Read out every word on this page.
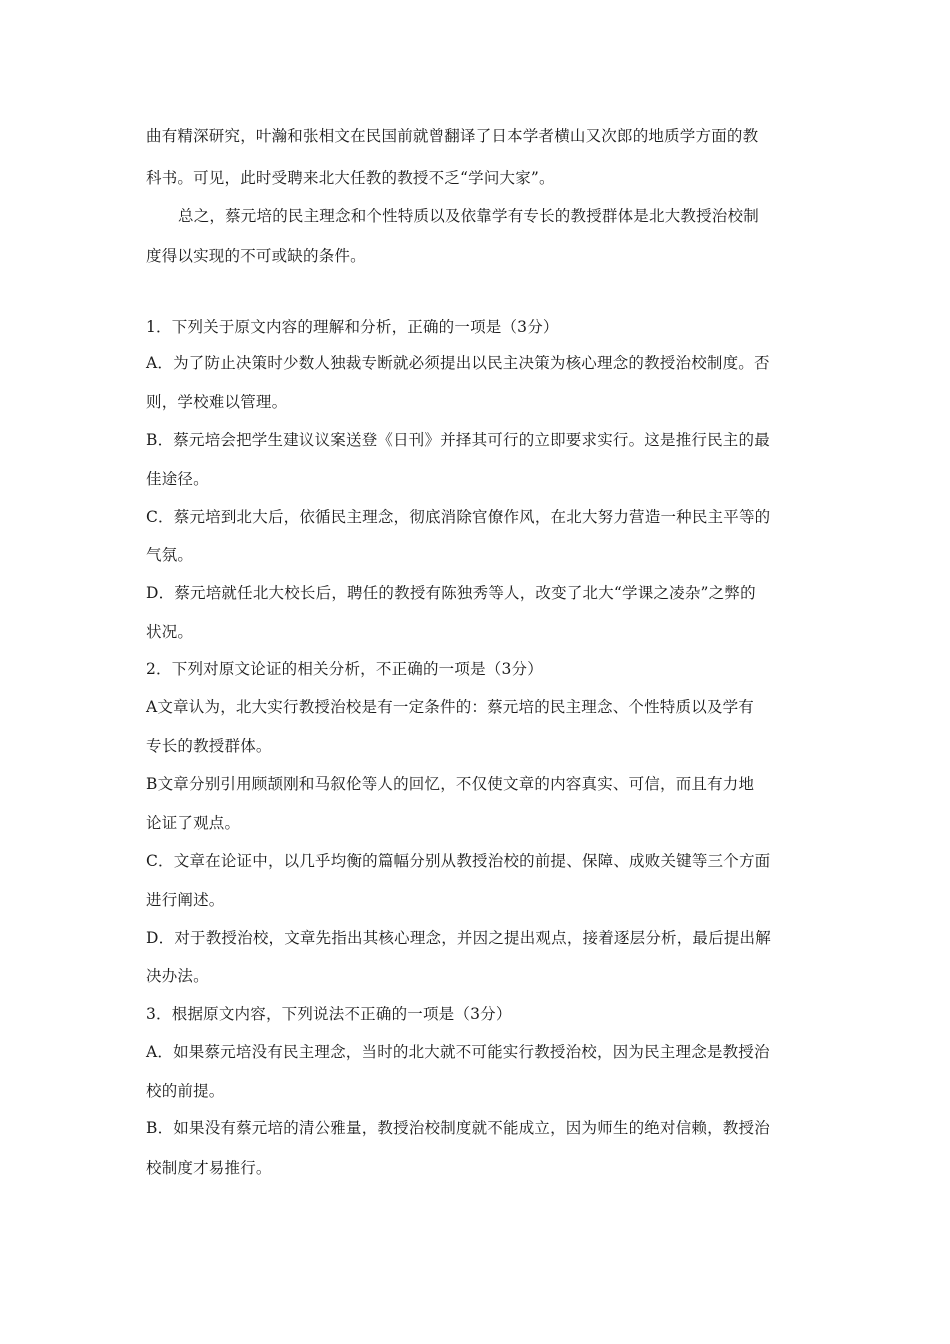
曲有精深研究，叶瀚和张相文在民国前就曾翻译了日本学者横山又次郎的地质学方面的教
科书。可见，此时受聘来北大任教的教授不乏“学问大家”。
总之，蔡元培的民主理念和个性特质以及依靠学有专长的教授群体是北大教授治校制
度得以实现的不可或缺的条件。
1．下列关于原文内容的理解和分析，正确的一项是（3分）
A．为了防止决策时少数人独裁专断就必须提出以民主决策为核心理念的教授治校制度。否
则，学校难以管理。
B．蔡元培会把学生建议议案送登《日刊》并择其可行的立即要求实行。这是推行民主的最
佳途径。
C．蔡元培到北大后，依循民主理念，彻底消除官僚作风，在北大努力营造一种民主平等的
气氛。
D．蔡元培就任北大校长后，聘任的教授有陈独秀等人，改变了北大“学课之凌杂”之弊的
状况。
2．下列对原文论证的相关分析，不正确的一项是（3分）
A文章认为，北大实行教授治校是有一定条件的：蔡元培的民主理念、个性特质以及学有
专长的教授群体。
B文章分别引用顾颉刚和马叙伦等人的回忆，不仅使文章的内容真实、可信，而且有力地
论证了观点。
C．文章在论证中，以几乎均衡的篇幅分别从教授治校的前提、保障、成败关键等三个方面
进行阐述。
D．对于教授治校，文章先指出其核心理念，并因之提出观点，接着逐层分析，最后提出解
决办法。
3．根据原文内容，下列说法不正确的一项是（3分）
A．如果蔡元培没有民主理念，当时的北大就不可能实行教授治校，因为民主理念是教授治
校的前提。
B．如果没有蔡元培的清公雅量，教授治校制度就不能成立，因为师生的绝对信赖，教授治
校制度才易推行。
